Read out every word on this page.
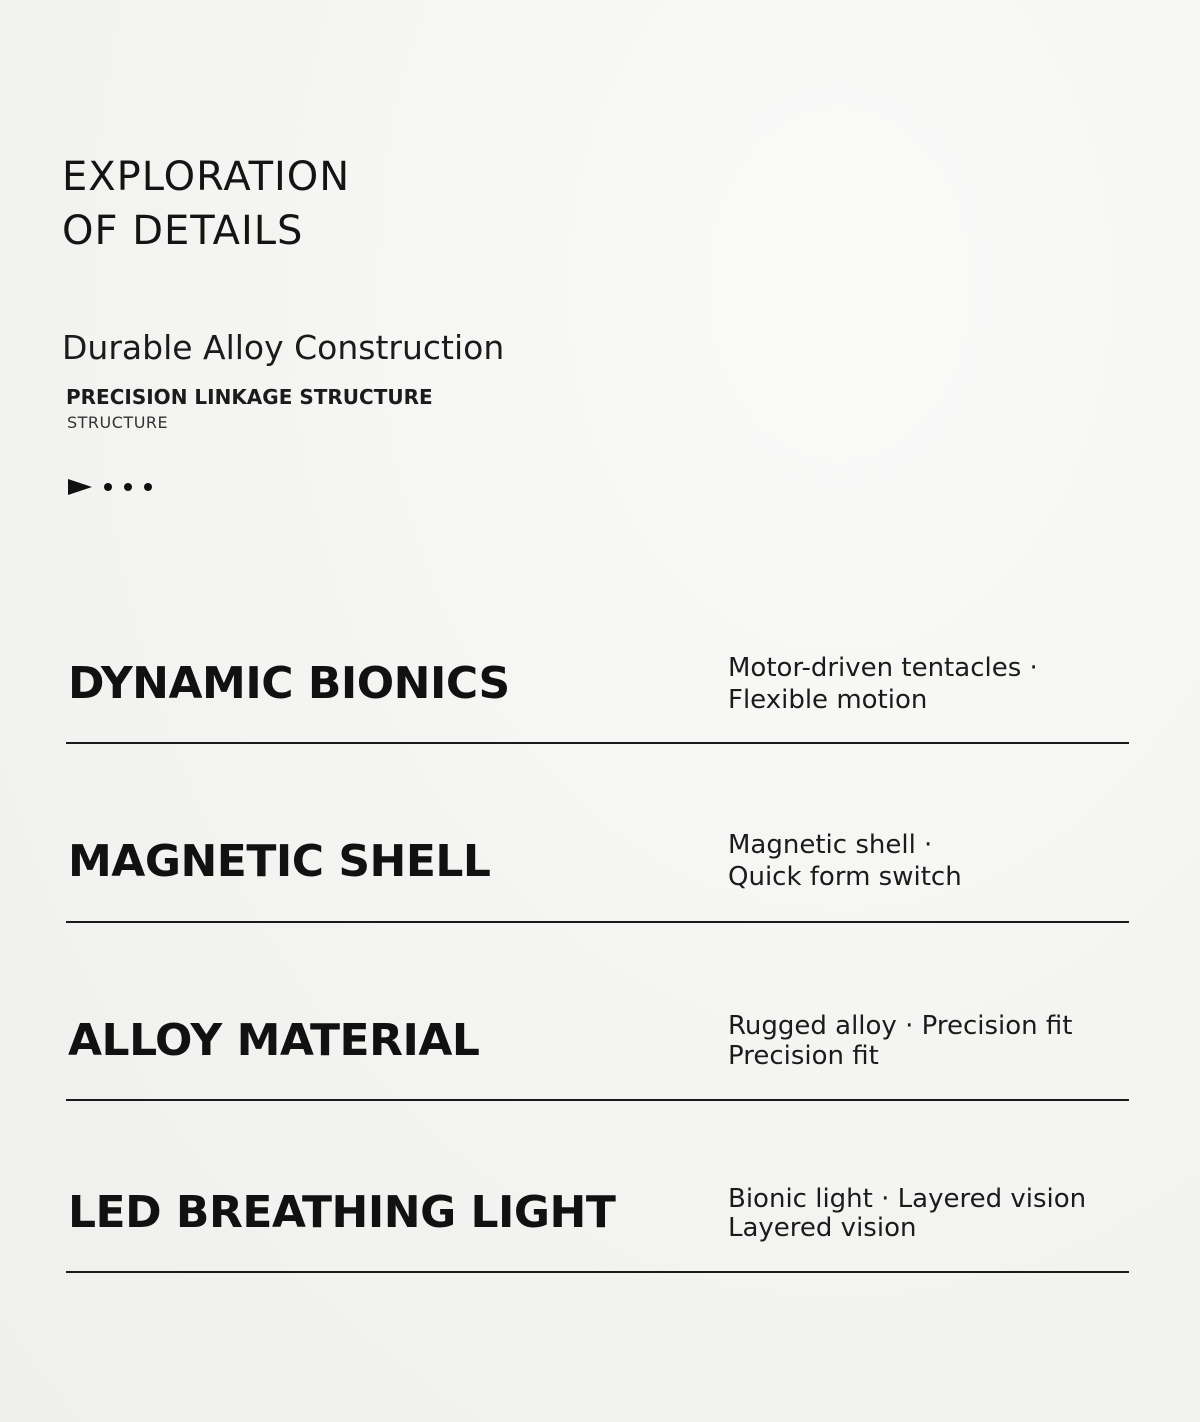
EXPLORATION
OF DETAILS
Durable Alloy Construction
PRECISION LINKAGE STRUCTURE
STRUCTURE
DYNAMIC BIONICS	Motor-driven tentacles ·
Flexible motion
MAGNETIC SHELL	Magnetic shell ·
Quick form switch
ALLOY MATERIAL	Rugged alloy · Precision fit
Precision fit
LED BREATHING LIGHT	Bionic light · Layered vision
Layered vision
